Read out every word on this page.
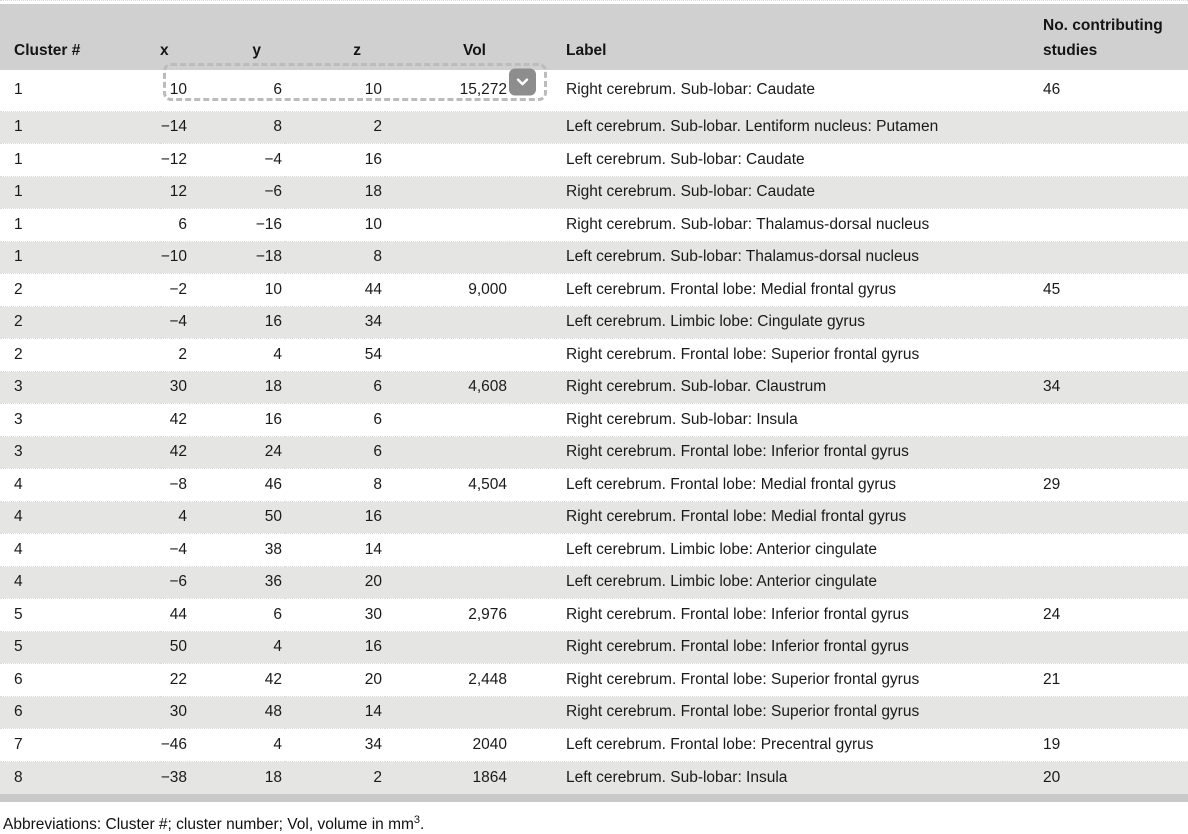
Cluster #	x	y	z	Vol	Label	No. contributing studies

1	10	6	10	15,272	Right cerebrum. Sub-lobar: Caudate	46
1	−14	8	2		Left cerebrum. Sub-lobar. Lentiform nucleus: Putamen	
1	−12	−4	16		Left cerebrum. Sub-lobar: Caudate	
1	12	−6	18		Right cerebrum. Sub-lobar: Caudate	
1	6	−16	10		Right cerebrum. Sub-lobar: Thalamus-dorsal nucleus	
1	−10	−18	8		Left cerebrum. Sub-lobar: Thalamus-dorsal nucleus	
2	−2	10	44	9,000	Left cerebrum. Frontal lobe: Medial frontal gyrus	45
2	−4	16	34		Left cerebrum. Limbic lobe: Cingulate gyrus	
2	2	4	54		Right cerebrum. Frontal lobe: Superior frontal gyrus	
3	30	18	6	4,608	Right cerebrum. Sub-lobar. Claustrum	34
3	42	16	6		Right cerebrum. Sub-lobar: Insula	
3	42	24	6		Right cerebrum. Frontal lobe: Inferior frontal gyrus	
4	−8	46	8	4,504	Left cerebrum. Frontal lobe: Medial frontal gyrus	29
4	4	50	16		Right cerebrum. Frontal lobe: Medial frontal gyrus	
4	−4	38	14		Left cerebrum. Limbic lobe: Anterior cingulate	
4	−6	36	20		Left cerebrum. Limbic lobe: Anterior cingulate	
5	44	6	30	2,976	Right cerebrum. Frontal lobe: Inferior frontal gyrus	24
5	50	4	16		Right cerebrum. Frontal lobe: Inferior frontal gyrus	
6	22	42	20	2,448	Right cerebrum. Frontal lobe: Superior frontal gyrus	21
6	30	48	14		Right cerebrum. Frontal lobe: Superior frontal gyrus	
7	−46	4	34	2040	Left cerebrum. Frontal lobe: Precentral gyrus	19
8	−38	18	2	1864	Left cerebrum. Sub-lobar: Insula	20
Abbreviations: Cluster #; cluster number; Vol, volume in $mm^3$.
